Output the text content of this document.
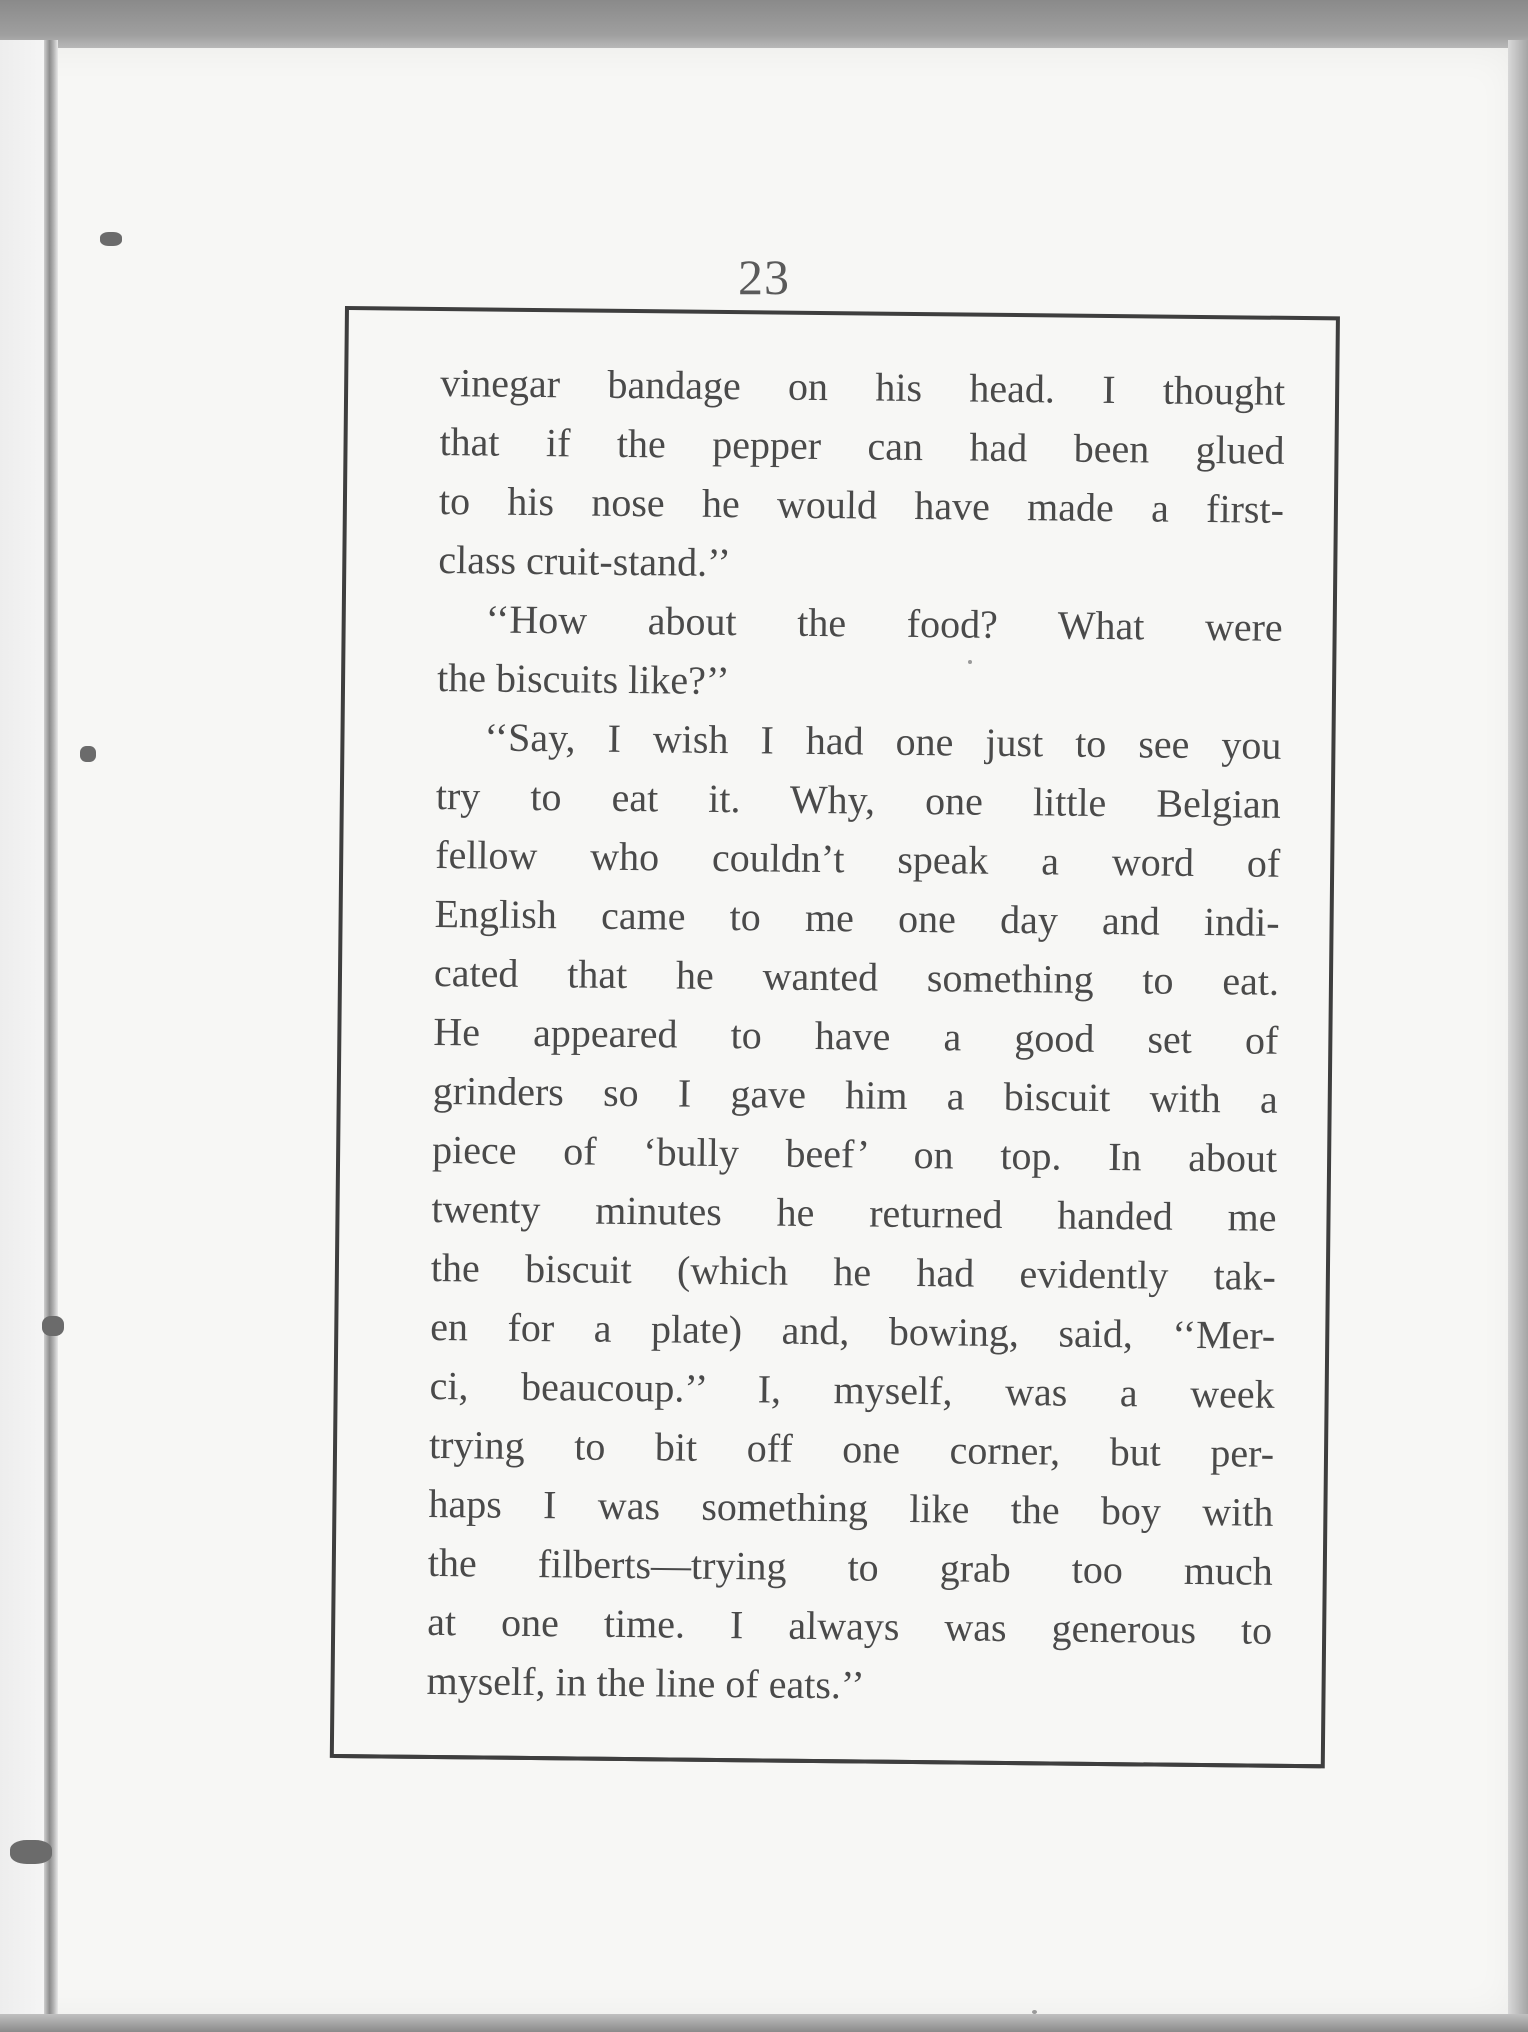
23
vinegar bandage on his head. I thought
that if the pepper can had been glued
to his nose he would have made a first-
class cruit-stand.’’
‘‘How about the food? What were
the biscuits like?’’
‘‘Say, I wish I had one just to see you
try to eat it. Why, one little Belgian
fellow who couldn’t speak a word of
English came to me one day and indi-
cated that he wanted something to eat.
He appeared to have a good set of
grinders so I gave him a biscuit with a
piece of ‘bully beef’ on top. In about
twenty minutes he returned handed me
the biscuit (which he had evidently tak-
en for a plate) and, bowing, said, ‘‘Mer-
ci, beaucoup.’’ I, myself, was a week
trying to bit off one corner, but per-
haps I was something like the boy with
the filberts—trying to grab too much
at one time. I always was generous to
myself, in the line of eats.’’
